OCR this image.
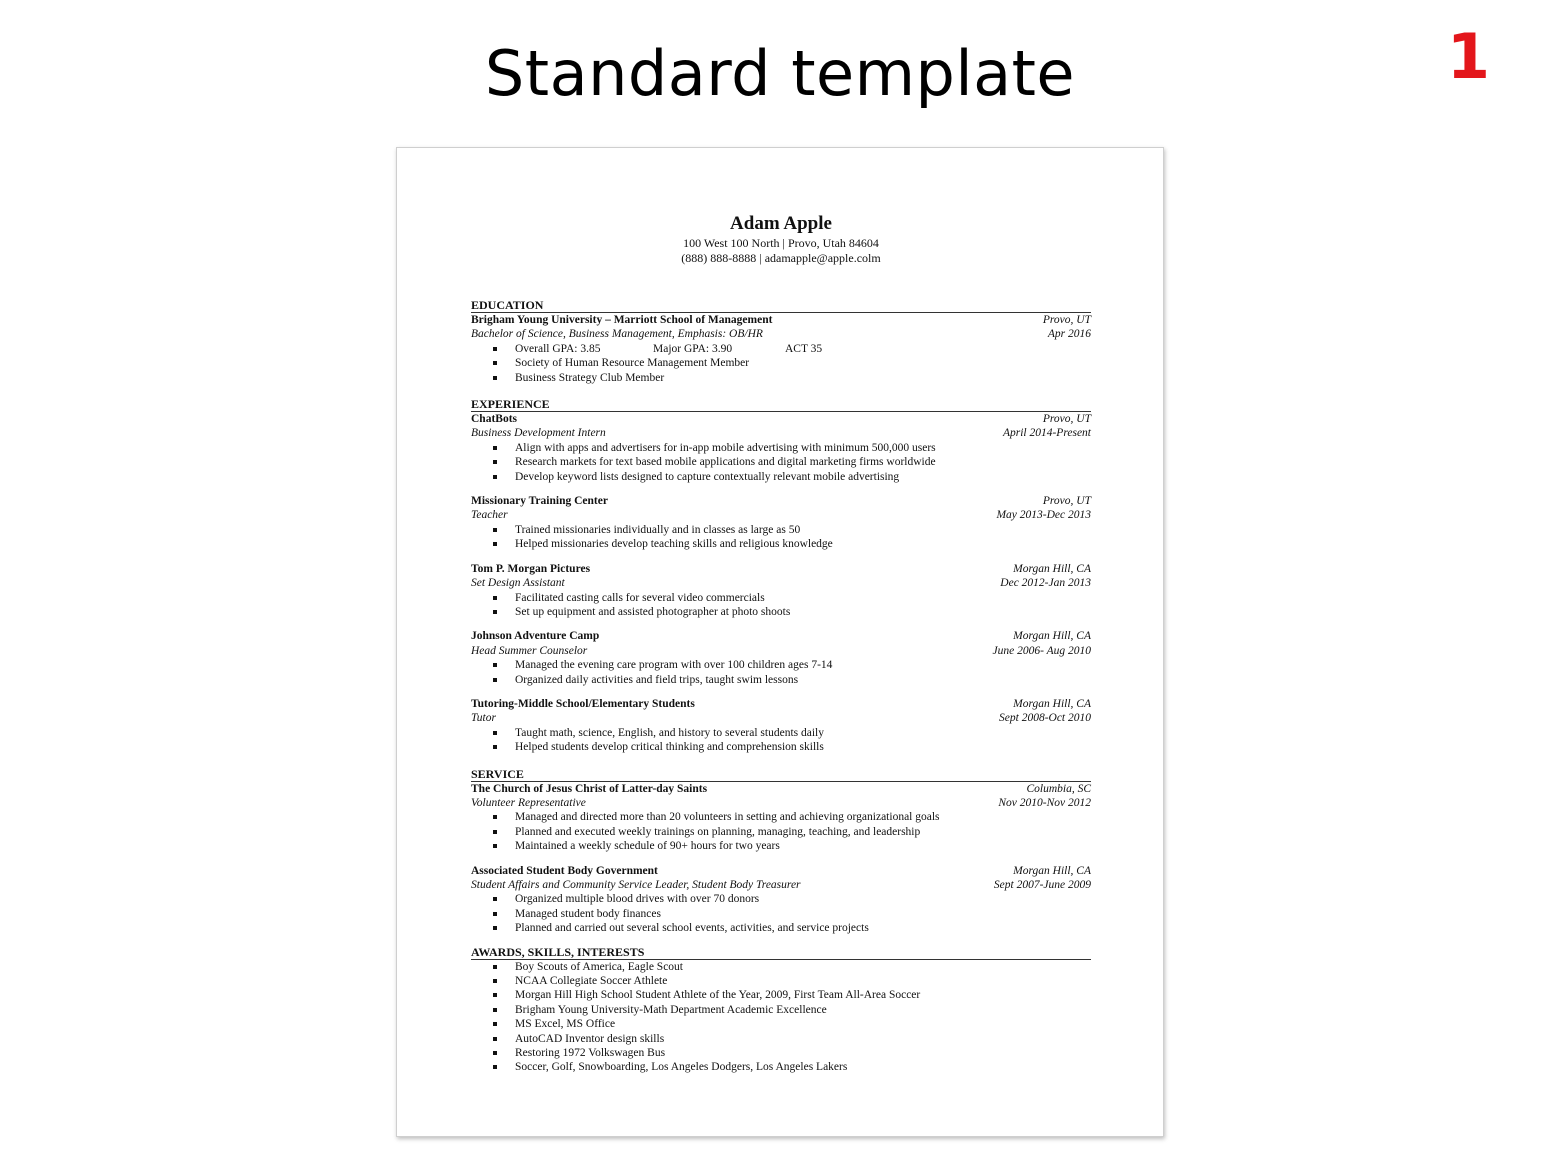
Standard template	1
Adam Apple
100 West 100 North | Provo, Utah 84604
(888) 888-8888 | adamapple@apple.colm
EDUCATION
Brigham Young University – Marriott School of Management	Provo, UT
Bachelor of Science, Business Management, Emphasis: OB/HR	Apr 2016
Overall GPA: 3.85	Major GPA: 3.90	ACT 35
Society of Human Resource Management Member
Business Strategy Club Member
EXPERIENCE
ChatBots	Provo, UT
Business Development Intern	April 2014-Present
Align with apps and advertisers for in-app mobile advertising with minimum 500,000 users
Research markets for text based mobile applications and digital marketing firms worldwide
Develop keyword lists designed to capture contextually relevant mobile advertising
Missionary Training Center	Provo, UT
Teacher	May 2013-Dec 2013
Trained missionaries individually and in classes as large as 50
Helped missionaries develop teaching skills and religious knowledge
Tom P. Morgan Pictures	Morgan Hill, CA
Set Design Assistant	Dec 2012-Jan 2013
Facilitated casting calls for several video commercials
Set up equipment and assisted photographer at photo shoots
Johnson Adventure Camp	Morgan Hill, CA
Head Summer Counselor	June 2006- Aug 2010
Managed the evening care program with over 100 children ages 7-14
Organized daily activities and field trips, taught swim lessons
Tutoring-Middle School/Elementary Students	Morgan Hill, CA
Tutor	Sept 2008-Oct 2010
Taught math, science, English, and history to several students daily
Helped students develop critical thinking and comprehension skills
SERVICE
The Church of Jesus Christ of Latter-day Saints	Columbia, SC
Volunteer Representative	Nov 2010-Nov 2012
Managed and directed more than 20 volunteers in setting and achieving organizational goals
Planned and executed weekly trainings on planning, managing, teaching, and leadership
Maintained a weekly schedule of 90+ hours for two years
Associated Student Body Government	Morgan Hill, CA
Student Affairs and Community Service Leader, Student Body Treasurer	Sept 2007-June 2009
Organized multiple blood drives with over 70 donors
Managed student body finances
Planned and carried out several school events, activities, and service projects
AWARDS, SKILLS, INTERESTS
Boy Scouts of America, Eagle Scout
NCAA Collegiate Soccer Athlete
Morgan Hill High School Student Athlete of the Year, 2009, First Team All-Area Soccer
Brigham Young University-Math Department Academic Excellence
MS Excel, MS Office
AutoCAD Inventor design skills
Restoring 1972 Volkswagen Bus
Soccer, Golf, Snowboarding, Los Angeles Dodgers, Los Angeles Lakers
